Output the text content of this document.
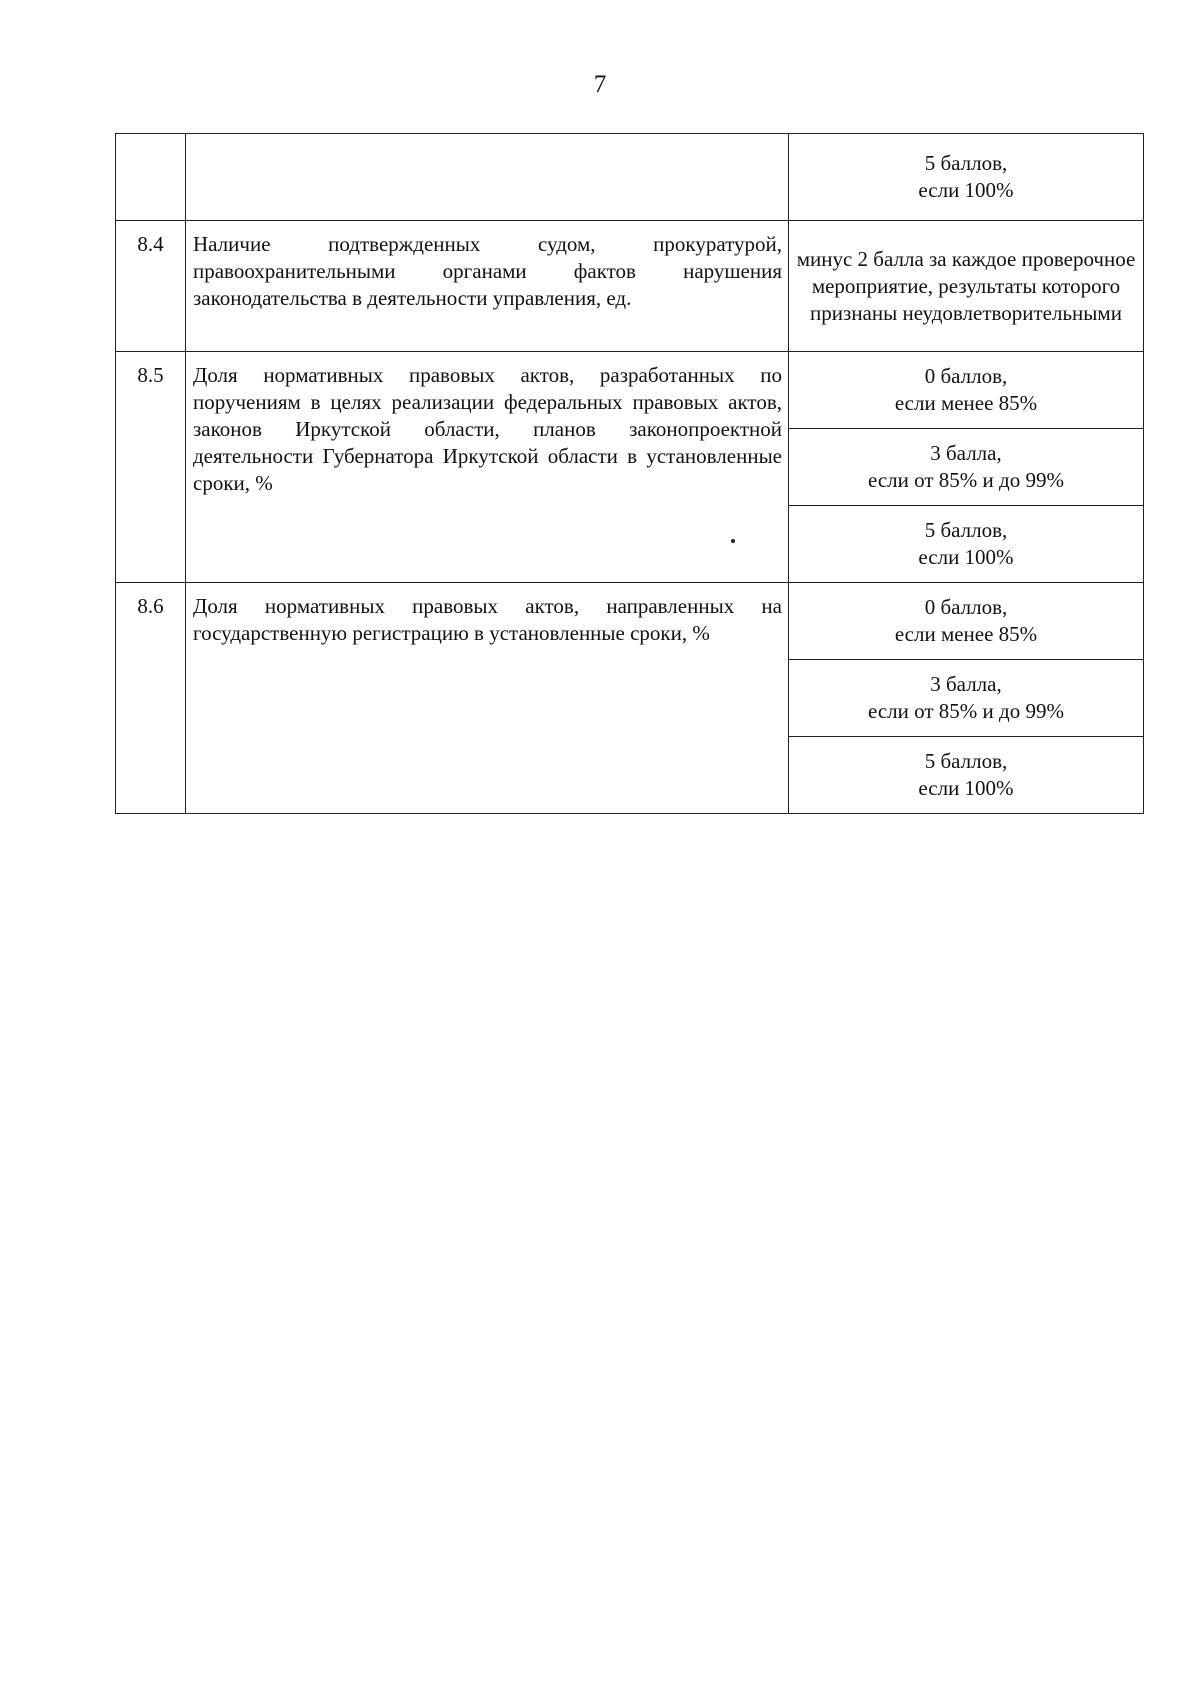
7

		5 баллов,
если 100%

8.4	Наличие подтвержденных судом, прокуратурой, правоохранительными органами фактов нарушения законодательства в деятельности управления, ед.	минус 2 балла за каждое проверочное мероприятие, результаты которого признаны неудовлетворительными
8.5	Доля нормативных правовых актов, разработанных по поручениям в целях реализации федеральных правовых актов, законов Иркутской области, планов законопроектной деятельности Губернатора Иркутской области в установленные сроки, %	0 баллов,
если менее 85%

		3 балла,
если от 85% и до 99%

		5 баллов,
если 100%

8.6	Доля нормативных правовых актов, направленных на государственную регистрацию в установленные сроки, %	0 баллов,
если менее 85%

		3 балла,
если от 85% и до 99%

		5 баллов,
если 100%
